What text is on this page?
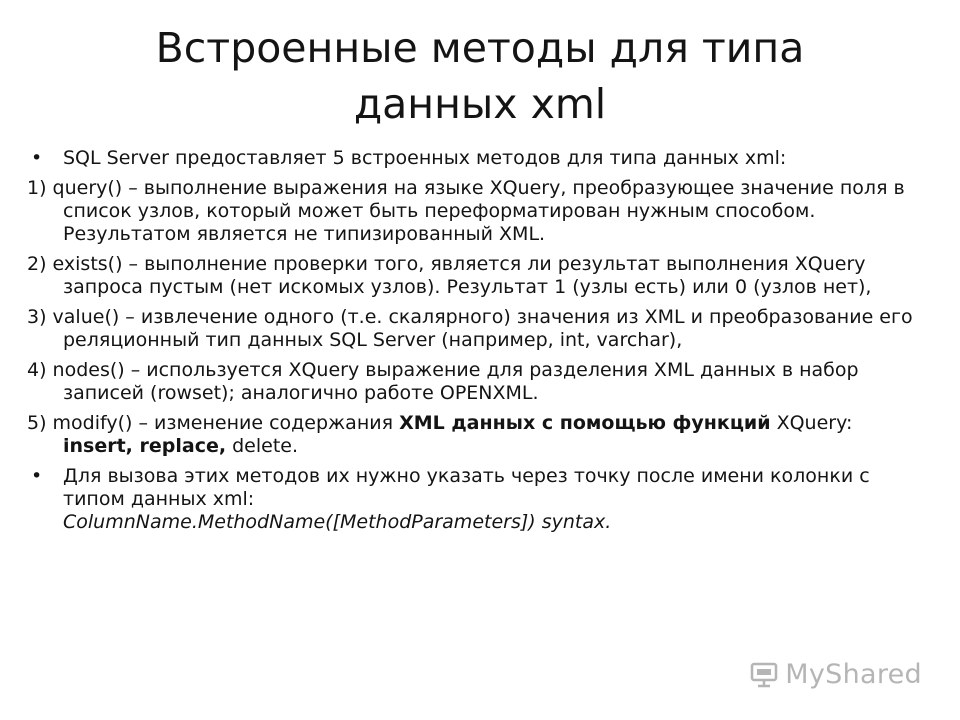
Встроенные методы для типа
данных xml
• SQL Server предоставляет 5 встроенных методов для типа данных xml:
1) query() – выполнение выражения на языке XQuery, преобразующее значение поля в список узлов, который может быть переформатирован нужным способом. Результатом является не типизированный XML.
2) exists() – выполнение проверки того, является ли результат выполнения XQuery запроса пустым (нет искомых узлов). Результат 1 (узлы есть) или 0 (узлов нет),
3) value() – извлечение одного (т.е. скалярного) значения из XML и преобразование его реляционный тип данных SQL Server (например, int, varchar),
4) nodes() – используется XQuery выражение для разделения XML данных в набор записей (rowset); аналогично работе OPENXML.
5) modify() – изменение содержания XML данных с помощью функций XQuery: insert, replace, delete.
• Для вызова этих методов их нужно указать через точку после имени колонки с типом данных xml:
ColumnName.MethodName([MethodParameters]) syntax.
MyShared
